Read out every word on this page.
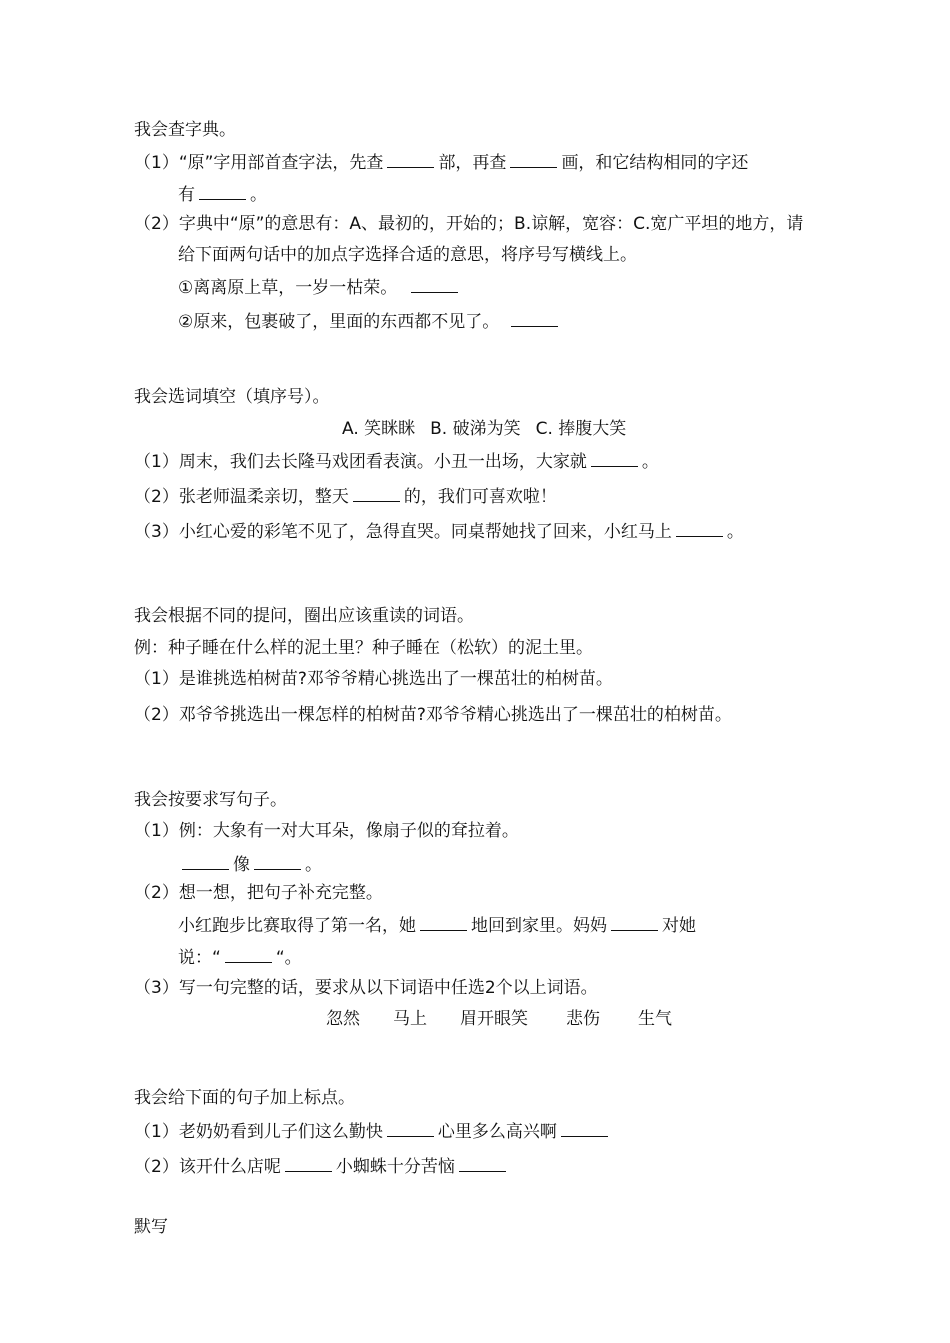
我会查字典。
（1）“原”字用部首查字法，先查	部，再查	画，和它结构相同的字还
有	。
（2）字典中“原”的意思有：A、最初的，开始的；B.谅解，宽容：C.宽广平坦的地方，请
给下面两句话中的加点字选择合适的意思，将序号写横线上。
①离离原上草，一岁一枯荣。
②原来，包裹破了，里面的东西都不见了。
我会选词填空（填序号）。
A. 笑眯眯 B. 破涕为笑 C. 捧腹大笑
（1）周末，我们去长隆马戏团看表演。小丑一出场，大家就	。
（2）张老师温柔亲切，整天	的，我们可喜欢啦！
（3）小红心爱的彩笔不见了，急得直哭。同桌帮她找了回来，小红马上	。
我会根据不同的提问，圈出应该重读的词语。
例：种子睡在什么样的泥土里？种子睡在（松软）的泥土里。
（1）是谁挑选柏树苗?邓爷爷精心挑选出了一棵茁壮的柏树苗。
（2）邓爷爷挑选出一棵怎样的柏树苗?邓爷爷精心挑选出了一棵茁壮的柏树苗。
我会按要求写句子。
（1）例：大象有一对大耳朵，像扇子似的耷拉着。
像	。
（2）想一想，把句子补充完整。
小红跑步比赛取得了第一名，她	地回到家里。妈妈	对她
说：“	“。
（3）写一句完整的话，要求从以下词语中任选2个以上词语。
忽然 马上 眉开眼笑 悲伤 生气
我会给下面的句子加上标点。
（1）老奶奶看到儿子们这么勤快	心里多么高兴啊
（2）该开什么店呢	小蜘蛛十分苦恼
默写
